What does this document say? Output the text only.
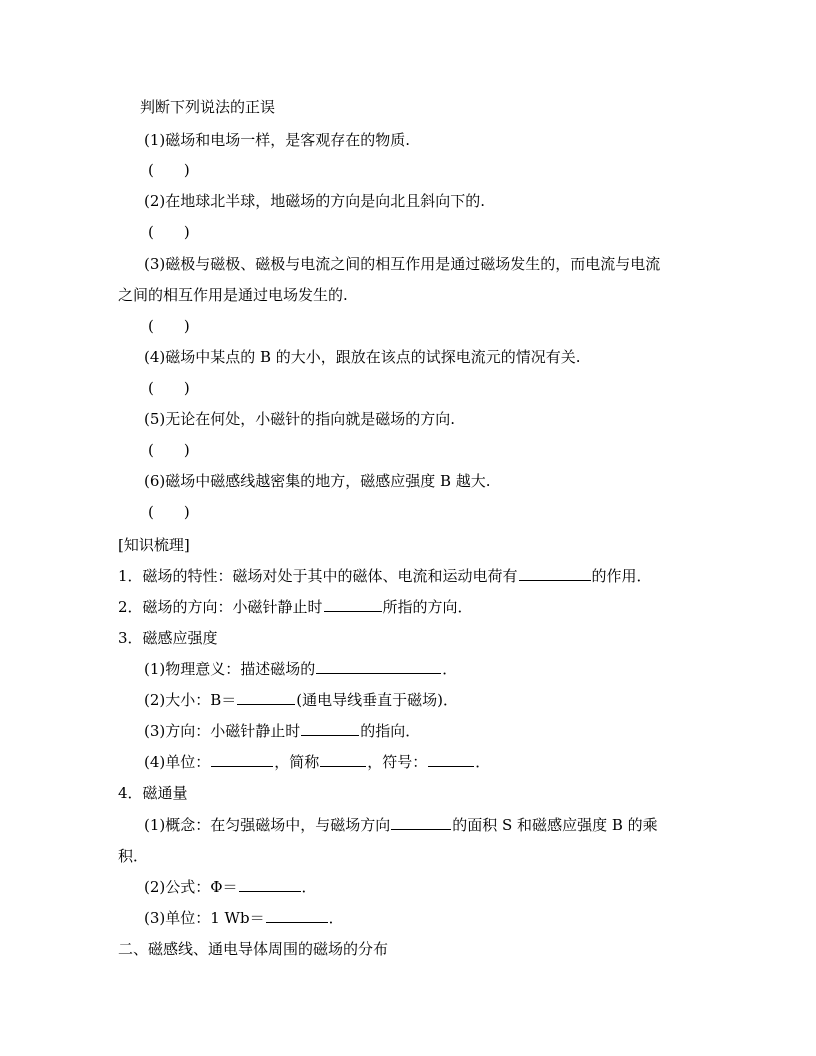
判断下列说法的正误
(1)磁场和电场一样，是客观存在的物质.
(　　)
(2)在地球北半球，地磁场的方向是向北且斜向下的.
(　　)
(3)磁极与磁极、磁极与电流之间的相互作用是通过磁场发生的，而电流与电流
之间的相互作用是通过电场发生的.
(　　)
(4)磁场中某点的 B 的大小，跟放在该点的试探电流元的情况有关.
(　　)
(5)无论在何处，小磁针的指向就是磁场的方向.
(　　)
(6)磁场中磁感线越密集的地方，磁感应强度 B 越大.
(　　)
[知识梳理]
1．磁场的特性：磁场对处于其中的磁体、电流和运动电荷有	的作用．
2．磁场的方向：小磁针静止时	所指的方向．
3．磁感应强度
(1)物理意义：描述磁场的	．
(2)大小：B＝	(通电导线垂直于磁场)．
(3)方向：小磁针静止时	的指向．
(4)单位：	，简称	，符号：	．
4．磁通量
(1)概念：在匀强磁场中，与磁场方向	的面积 S 和磁感应强度 B 的乘
积．
(2)公式：Φ＝	．
(3)单位：1 Wb＝	．
二、磁感线、通电导体周围的磁场的分布
